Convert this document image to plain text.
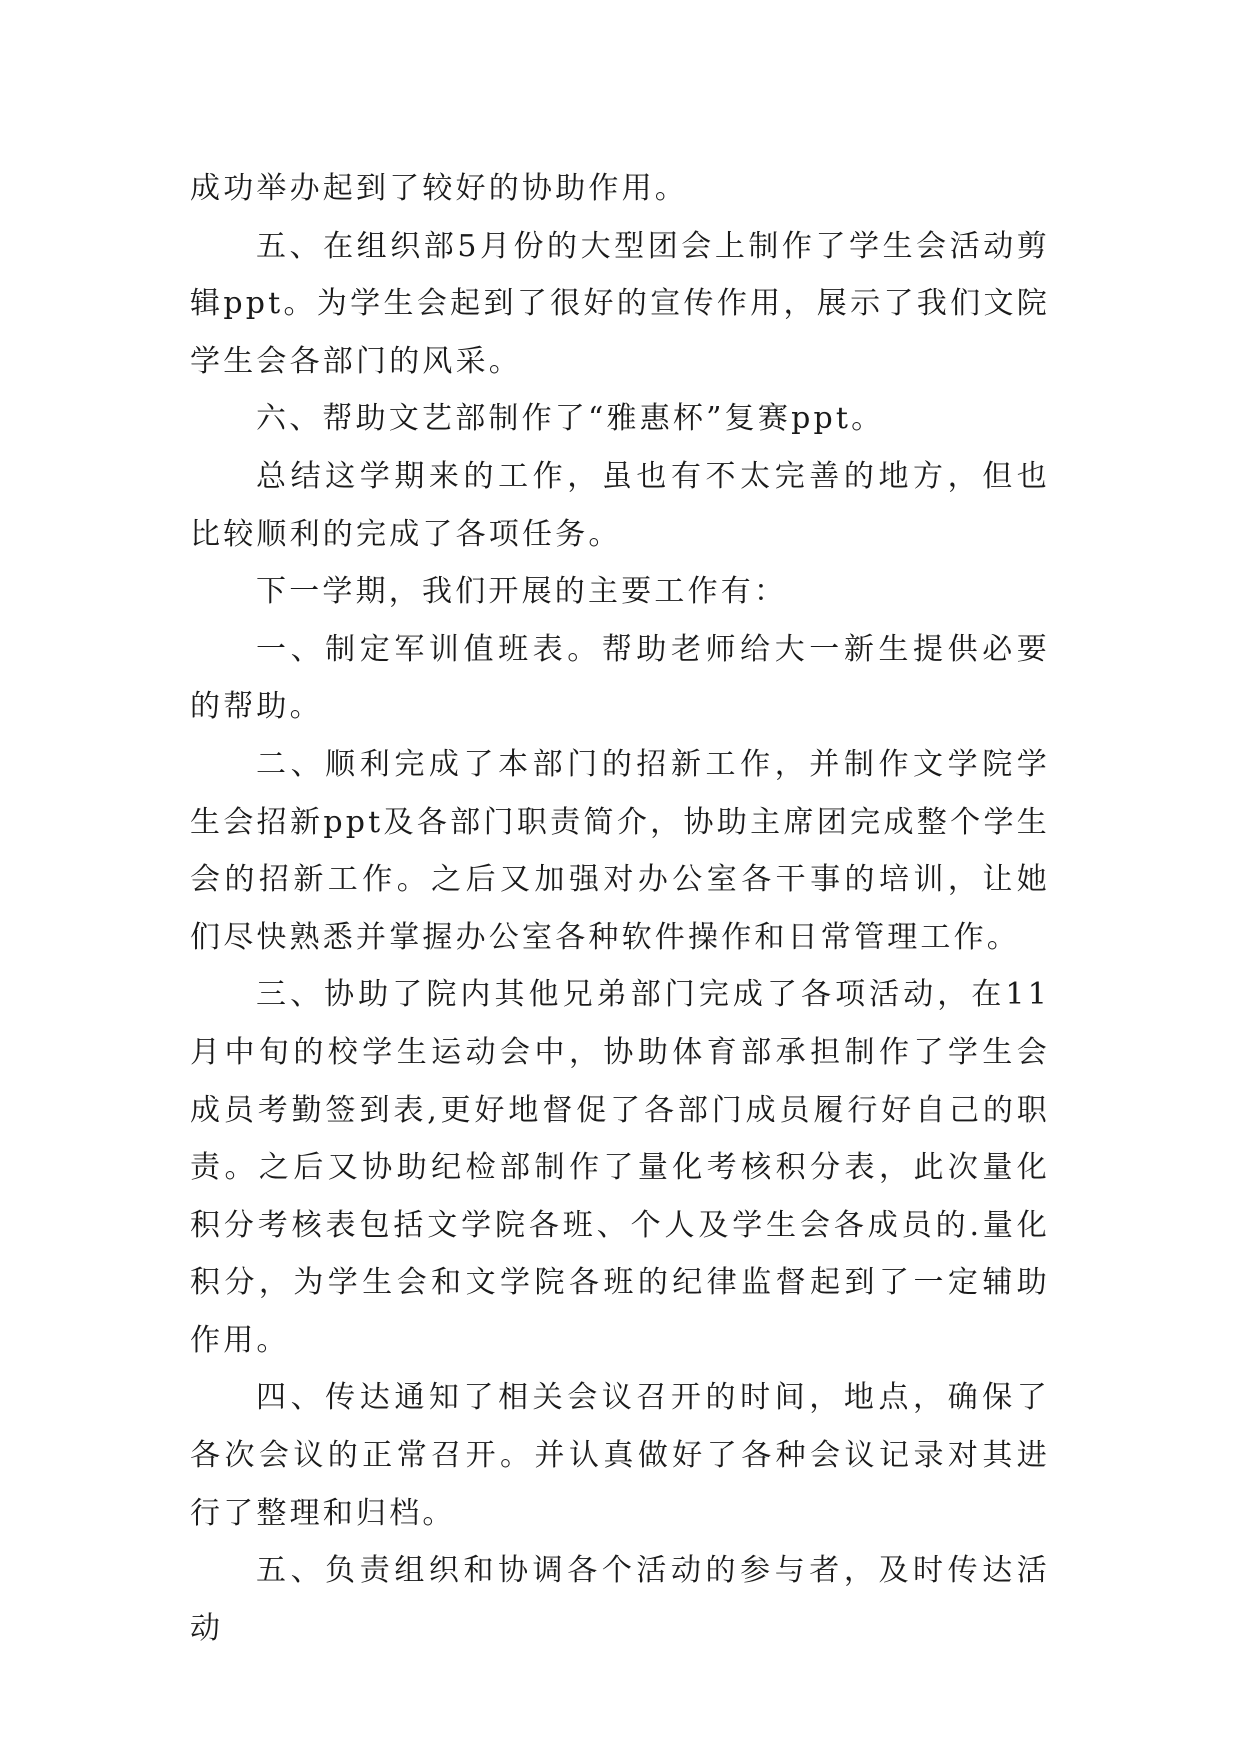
成功举办起到了较好的协助作用。

五、在组织部5月份的大型团会上制作了学生会活动剪辑ppt。为学生会起到了很好的宣传作用，展示了我们文院学生会各部门的风采。

六、帮助文艺部制作了“雅惠杯”复赛ppt。

总结这学期来的工作，虽也有不太完善的地方，但也比较顺利的完成了各项任务。

下一学期，我们开展的主要工作有：

一、制定军训值班表。帮助老师给大一新生提供必要的帮助。

二、顺利完成了本部门的招新工作，并制作文学院学生会招新ppt及各部门职责简介，协助主席团完成整个学生会的招新工作。之后又加强对办公室各干事的培训，让她们尽快熟悉并掌握办公室各种软件操作和日常管理工作。

三、协助了院内其他兄弟部门完成了各项活动，在11月中旬的校学生运动会中，协助体育部承担制作了学生会成员考勤签到表,更好地督促了各部门成员履行好自己的职责。之后又协助纪检部制作了量化考核积分表，此次量化积分考核表包括文学院各班、个人及学生会各成员的.量化积分，为学生会和文学院各班的纪律监督起到了一定辅助作用。

四、传达通知了相关会议召开的时间，地点，确保了各次会议的正常召开。并认真做好了各种会议记录对其进行了整理和归档。

五、负责组织和协调各个活动的参与者，及时传达活动
